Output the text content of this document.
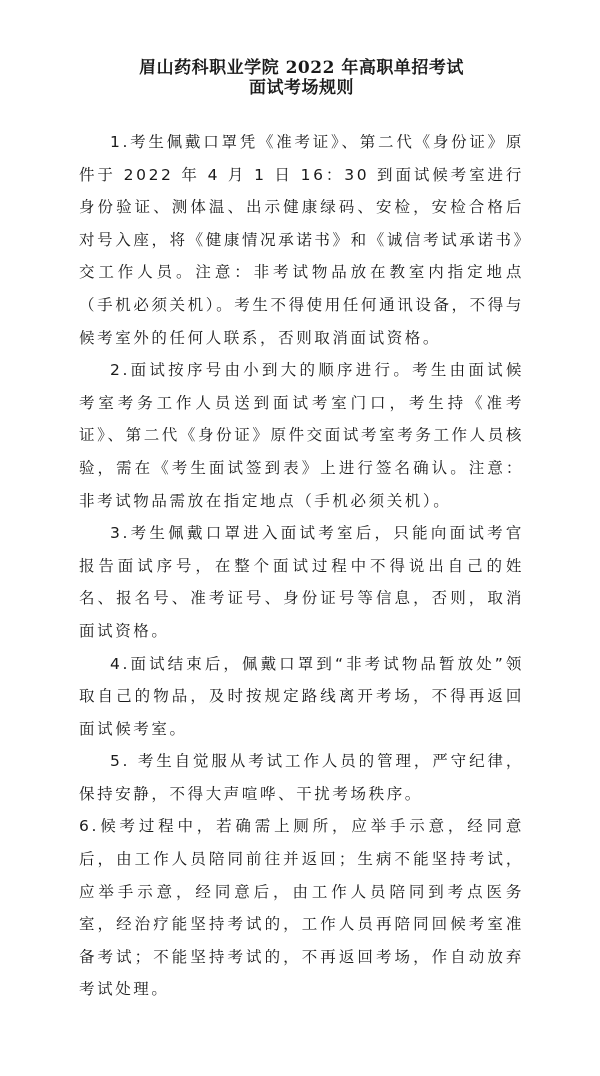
眉山药科职业学院 2022 年高职单招考试
面试考场规则

1.考生佩戴口罩凭《准考证》、第二代《身份证》原件于 2022 年 4 月 1 日 16：30 到面试候考室进行身份验证、测体温、出示健康绿码、安检，安检合格后对号入座，将《健康情况承诺书》和《诚信考试承诺书》交工作人员。注意：非考试物品放在教室内指定地点（手机必须关机）。考生不得使用任何通讯设备，不得与候考室外的任何人联系，否则取消面试资格。

2.面试按序号由小到大的顺序进行。考生由面试候考室考务工作人员送到面试考室门口，考生持《准考证》、第二代《身份证》原件交面试考室考务工作人员核验，需在《考生面试签到表》上进行签名确认。注意：非考试物品需放在指定地点（手机必须关机）。

3.考生佩戴口罩进入面试考室后，只能向面试考官报告面试序号，在整个面试过程中不得说出自己的姓名、报名号、准考证号、身份证号等信息，否则，取消面试资格。

4.面试结束后，佩戴口罩到“非考试物品暂放处”领取自己的物品，及时按规定路线离开考场，不得再返回面试候考室。

5. 考生自觉服从考试工作人员的管理，严守纪律，保持安静，不得大声喧哗、干扰考场秩序。

6.候考过程中，若确需上厕所，应举手示意，经同意后，由工作人员陪同前往并返回；生病不能坚持考试，应举手示意，经同意后，由工作人员陪同到考点医务室，经治疗能坚持考试的，工作人员再陪同回候考室准备考试；不能坚持考试的，不再返回考场，作自动放弃考试处理。
